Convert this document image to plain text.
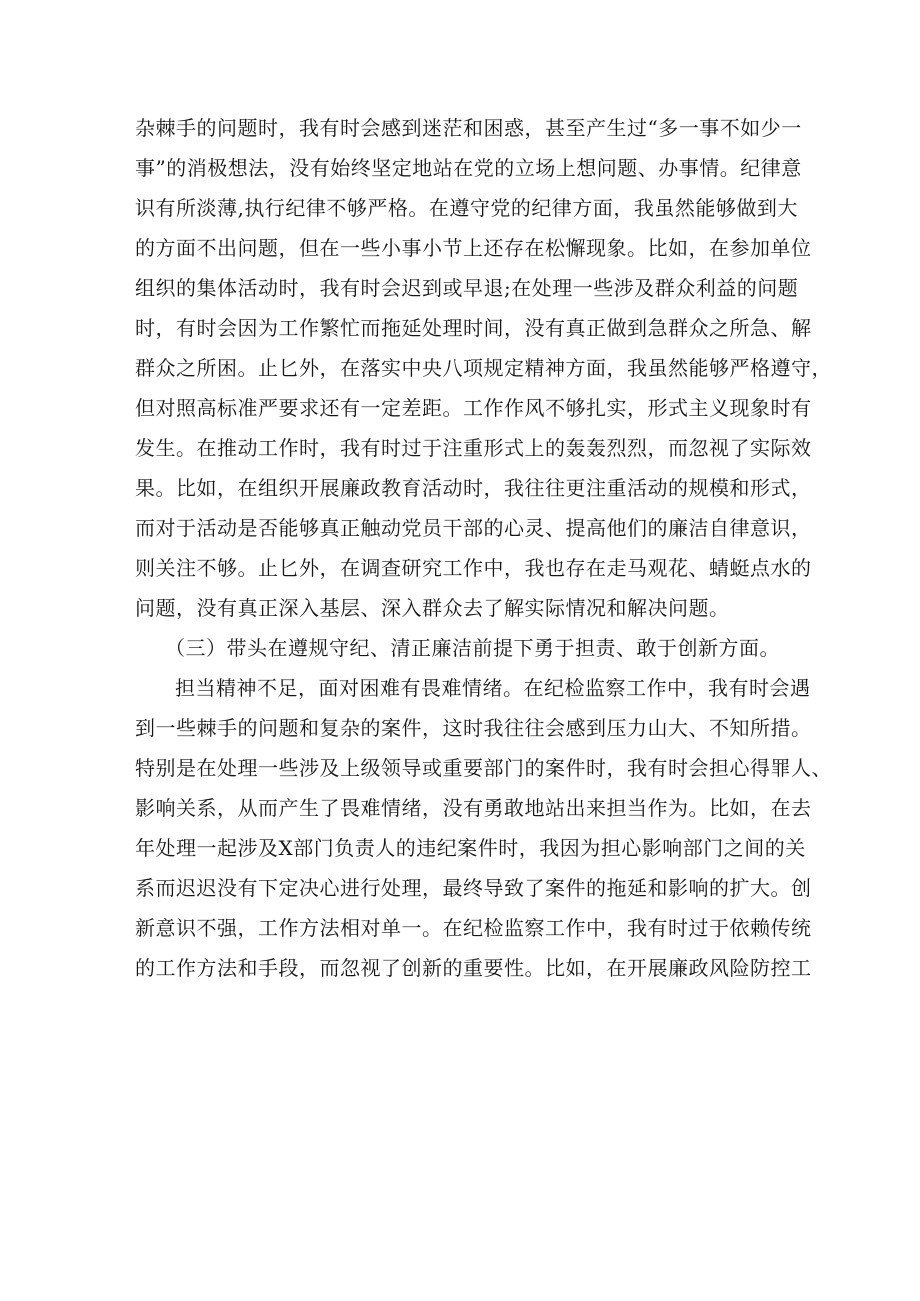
杂棘手的问题时，我有时会感到迷茫和困惑，甚至产生过“多一事不如少一
事”的消极想法，没有始终坚定地站在党的立场上想问题、办事情。纪律意
识有所淡薄,执行纪律不够严格。在遵守党的纪律方面，我虽然能够做到大
的方面不出问题，但在一些小事小节上还存在松懈现象。比如，在参加单位
组织的集体活动时，我有时会迟到或早退;在处理一些涉及群众利益的问题
时，有时会因为工作繁忙而拖延处理时间，没有真正做到急群众之所急、解
群众之所困。止匕外，在落实中央八项规定精神方面，我虽然能够严格遵守，
但对照高标准严要求还有一定差距。工作作风不够扎实，形式主义现象时有
发生。在推动工作时，我有时过于注重形式上的轰轰烈烈，而忽视了实际效
果。比如，在组织开展廉政教育活动时，我往往更注重活动的规模和形式，
而对于活动是否能够真正触动党员干部的心灵、提高他们的廉洁自律意识，
则关注不够。止匕外，在调查研究工作中，我也存在走马观花、蜻蜓点水的
问题，没有真正深入基层、深入群众去了解实际情况和解决问题。
（三）带头在遵规守纪、清正廉洁前提下勇于担责、敢于创新方面。
担当精神不足，面对困难有畏难情绪。在纪检监察工作中，我有时会遇
到一些棘手的问题和复杂的案件，这时我往往会感到压力山大、不知所措。
特别是在处理一些涉及上级领导或重要部门的案件时，我有时会担心得罪人、
影响关系，从而产生了畏难情绪，没有勇敢地站出来担当作为。比如，在去
年处理一起涉及X部门负责人的违纪案件时，我因为担心影响部门之间的关
系而迟迟没有下定决心进行处理，最终导致了案件的拖延和影响的扩大。创
新意识不强，工作方法相对单一。在纪检监察工作中，我有时过于依赖传统
的工作方法和手段，而忽视了创新的重要性。比如，在开展廉政风险防控工
